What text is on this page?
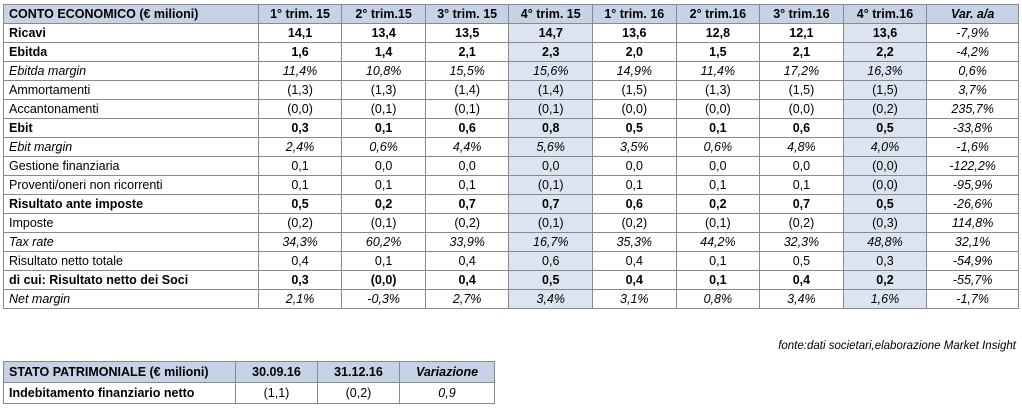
CONTO ECONOMICO (€ milioni)	1° trim. 15	2° trim.15	3° trim. 15	4° trim. 15	1° trim. 16	2° trim.16	3° trim.16	4° trim.16	Var. a/a
Ricavi	14,1	13,4	13,5	14,7	13,6	12,8	12,1	13,6	-7,9%
Ebitda	1,6	1,4	2,1	2,3	2,0	1,5	2,1	2,2	-4,2%
Ebitda margin	11,4%	10,8%	15,5%	15,6%	14,9%	11,4%	17,2%	16,3%	0,6%
Ammortamenti	(1,3)	(1,3)	(1,4)	(1,4)	(1,5)	(1,3)	(1,5)	(1,5)	3,7%
Accantonamenti	(0,0)	(0,1)	(0,1)	(0,1)	(0,0)	(0,0)	(0,0)	(0,2)	235,7%
Ebit	0,3	0,1	0,6	0,8	0,5	0,1	0,6	0,5	-33,8%
Ebit margin	2,4%	0,6%	4,4%	5,6%	3,5%	0,6%	4,8%	4,0%	-1,6%
Gestione finanziaria	0,1	0,0	0,0	0,0	0,0	0,0	0,0	(0,0)	-122,2%
Proventi/oneri non ricorrenti	0,1	0,1	0,1	(0,1)	0,1	0,1	0,1	(0,0)	-95,9%
Risultato ante imposte	0,5	0,2	0,7	0,7	0,6	0,2	0,7	0,5	-26,6%
Imposte	(0,2)	(0,1)	(0,2)	(0,1)	(0,2)	(0,1)	(0,2)	(0,3)	114,8%
Tax rate	34,3%	60,2%	33,9%	16,7%	35,3%	44,2%	32,3%	48,8%	32,1%
Risultato netto totale	0,4	0,1	0,4	0,6	0,4	0,1	0,5	0,3	-54,9%
di cui: Risultato netto dei Soci	0,3	(0,0)	0,4	0,5	0,4	0,1	0,4	0,2	-55,7%
Net margin	2,1%	-0,3%	2,7%	3,4%	3,1%	0,8%	3,4%	1,6%	-1,7%
fonte:dati societari,elaborazione Market Insight
STATO PATRIMONIALE (€ milioni)	30.09.16	31.12.16	Variazione
Indebitamento finanziario netto	(1,1)	(0,2)	0,9
